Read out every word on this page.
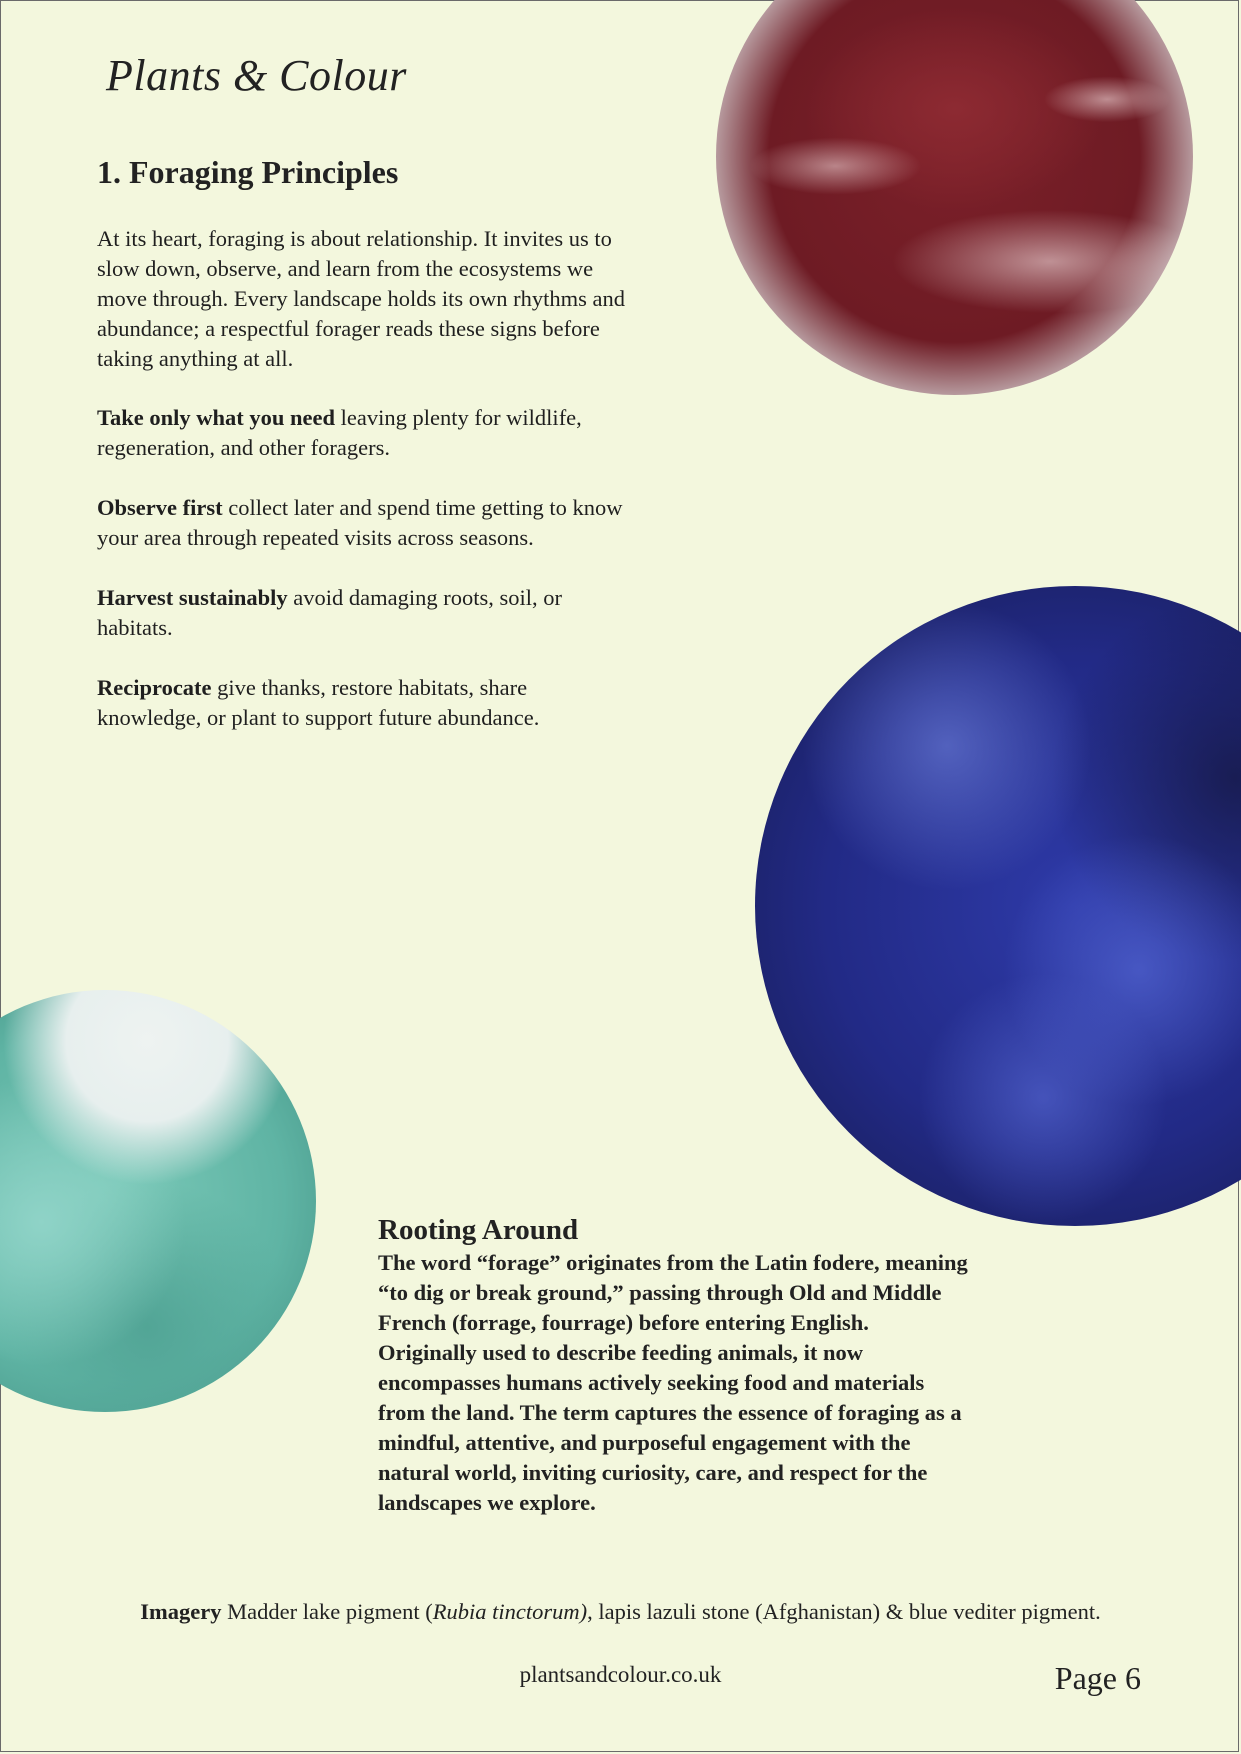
Plants & Colour
1. Foraging Principles

At its heart, foraging is about relationship. It invites us to slow down, observe, and learn from the ecosystems we move through. Every landscape holds its own rhythms and abundance; a respectful forager reads these signs before taking anything at all.

Take only what you need leaving plenty for wildlife, regeneration, and other foragers.

Observe first collect later and spend time getting to know your area through repeated visits across seasons.

Harvest sustainably avoid damaging roots, soil, or habitats.

Reciprocate give thanks, restore habitats, share knowledge, or plant to support future abundance.

Rooting Around

The word “forage” originates from the Latin fodere, meaning “to dig or break ground,” passing through Old and Middle French (forrage, fourrage) before entering English. Originally used to describe feeding animals, it now encompasses humans actively seeking food and materials from the land. The term captures the essence of foraging as a mindful, attentive, and purposeful engagement with the natural world, inviting curiosity, care, and respect for the landscapes we explore.

Imagery Madder lake pigment (Rubia tinctorum), lapis lazuli stone (Afghanistan) & blue vediter pigment.

plantsandcolour.co.uk	Page 6
